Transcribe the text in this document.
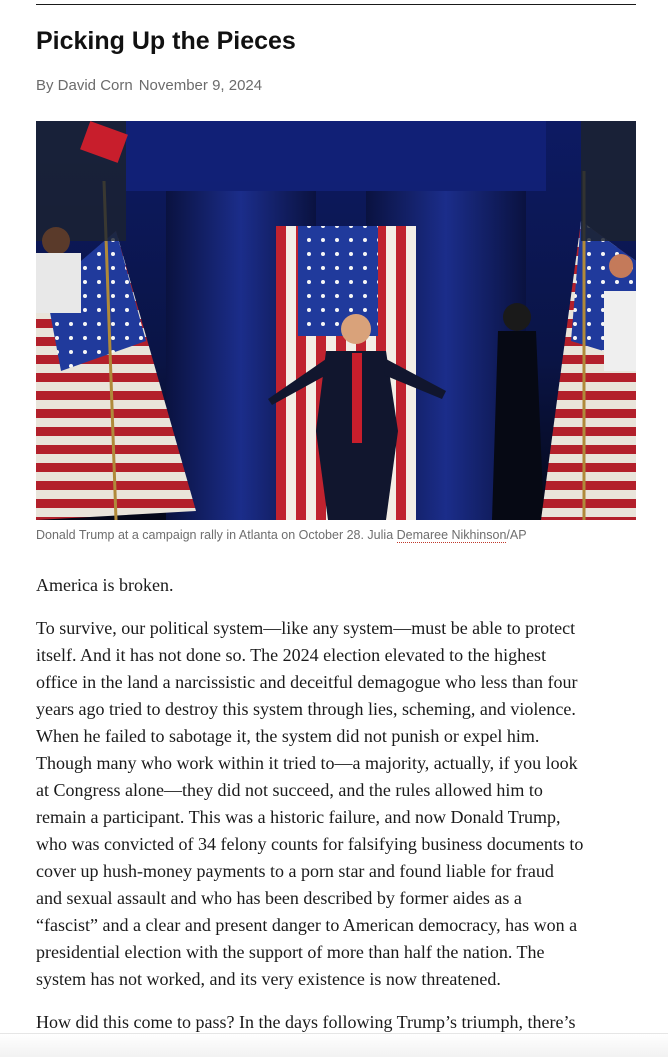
Picking Up the Pieces
By David Corn November 9, 2024
Donald Trump at a campaign rally in Atlanta on October 28. Julia Demaree Nikhinson/AP
America is broken.
To survive, our political system—like any system—must be able to protect
itself. And it has not done so. The 2024 election elevated to the highest
office in the land a narcissistic and deceitful demagogue who less than four
years ago tried to destroy this system through lies, scheming, and violence.
When he failed to sabotage it, the system did not punish or expel him.
Though many who work within it tried to—a majority, actually, if you look
at Congress alone—they did not succeed, and the rules allowed him to
remain a participant. This was a historic failure, and now Donald Trump,
who was convicted of 34 felony counts for falsifying business documents to
cover up hush-money payments to a porn star and found liable for fraud
and sexual assault and who has been described by former aides as a
“fascist” and a clear and present danger to American democracy, has won a
presidential election with the support of more than half the nation. The
system has not worked, and its very existence is now threatened.
How did this come to pass? In the days following Trump’s triumph, there’s
